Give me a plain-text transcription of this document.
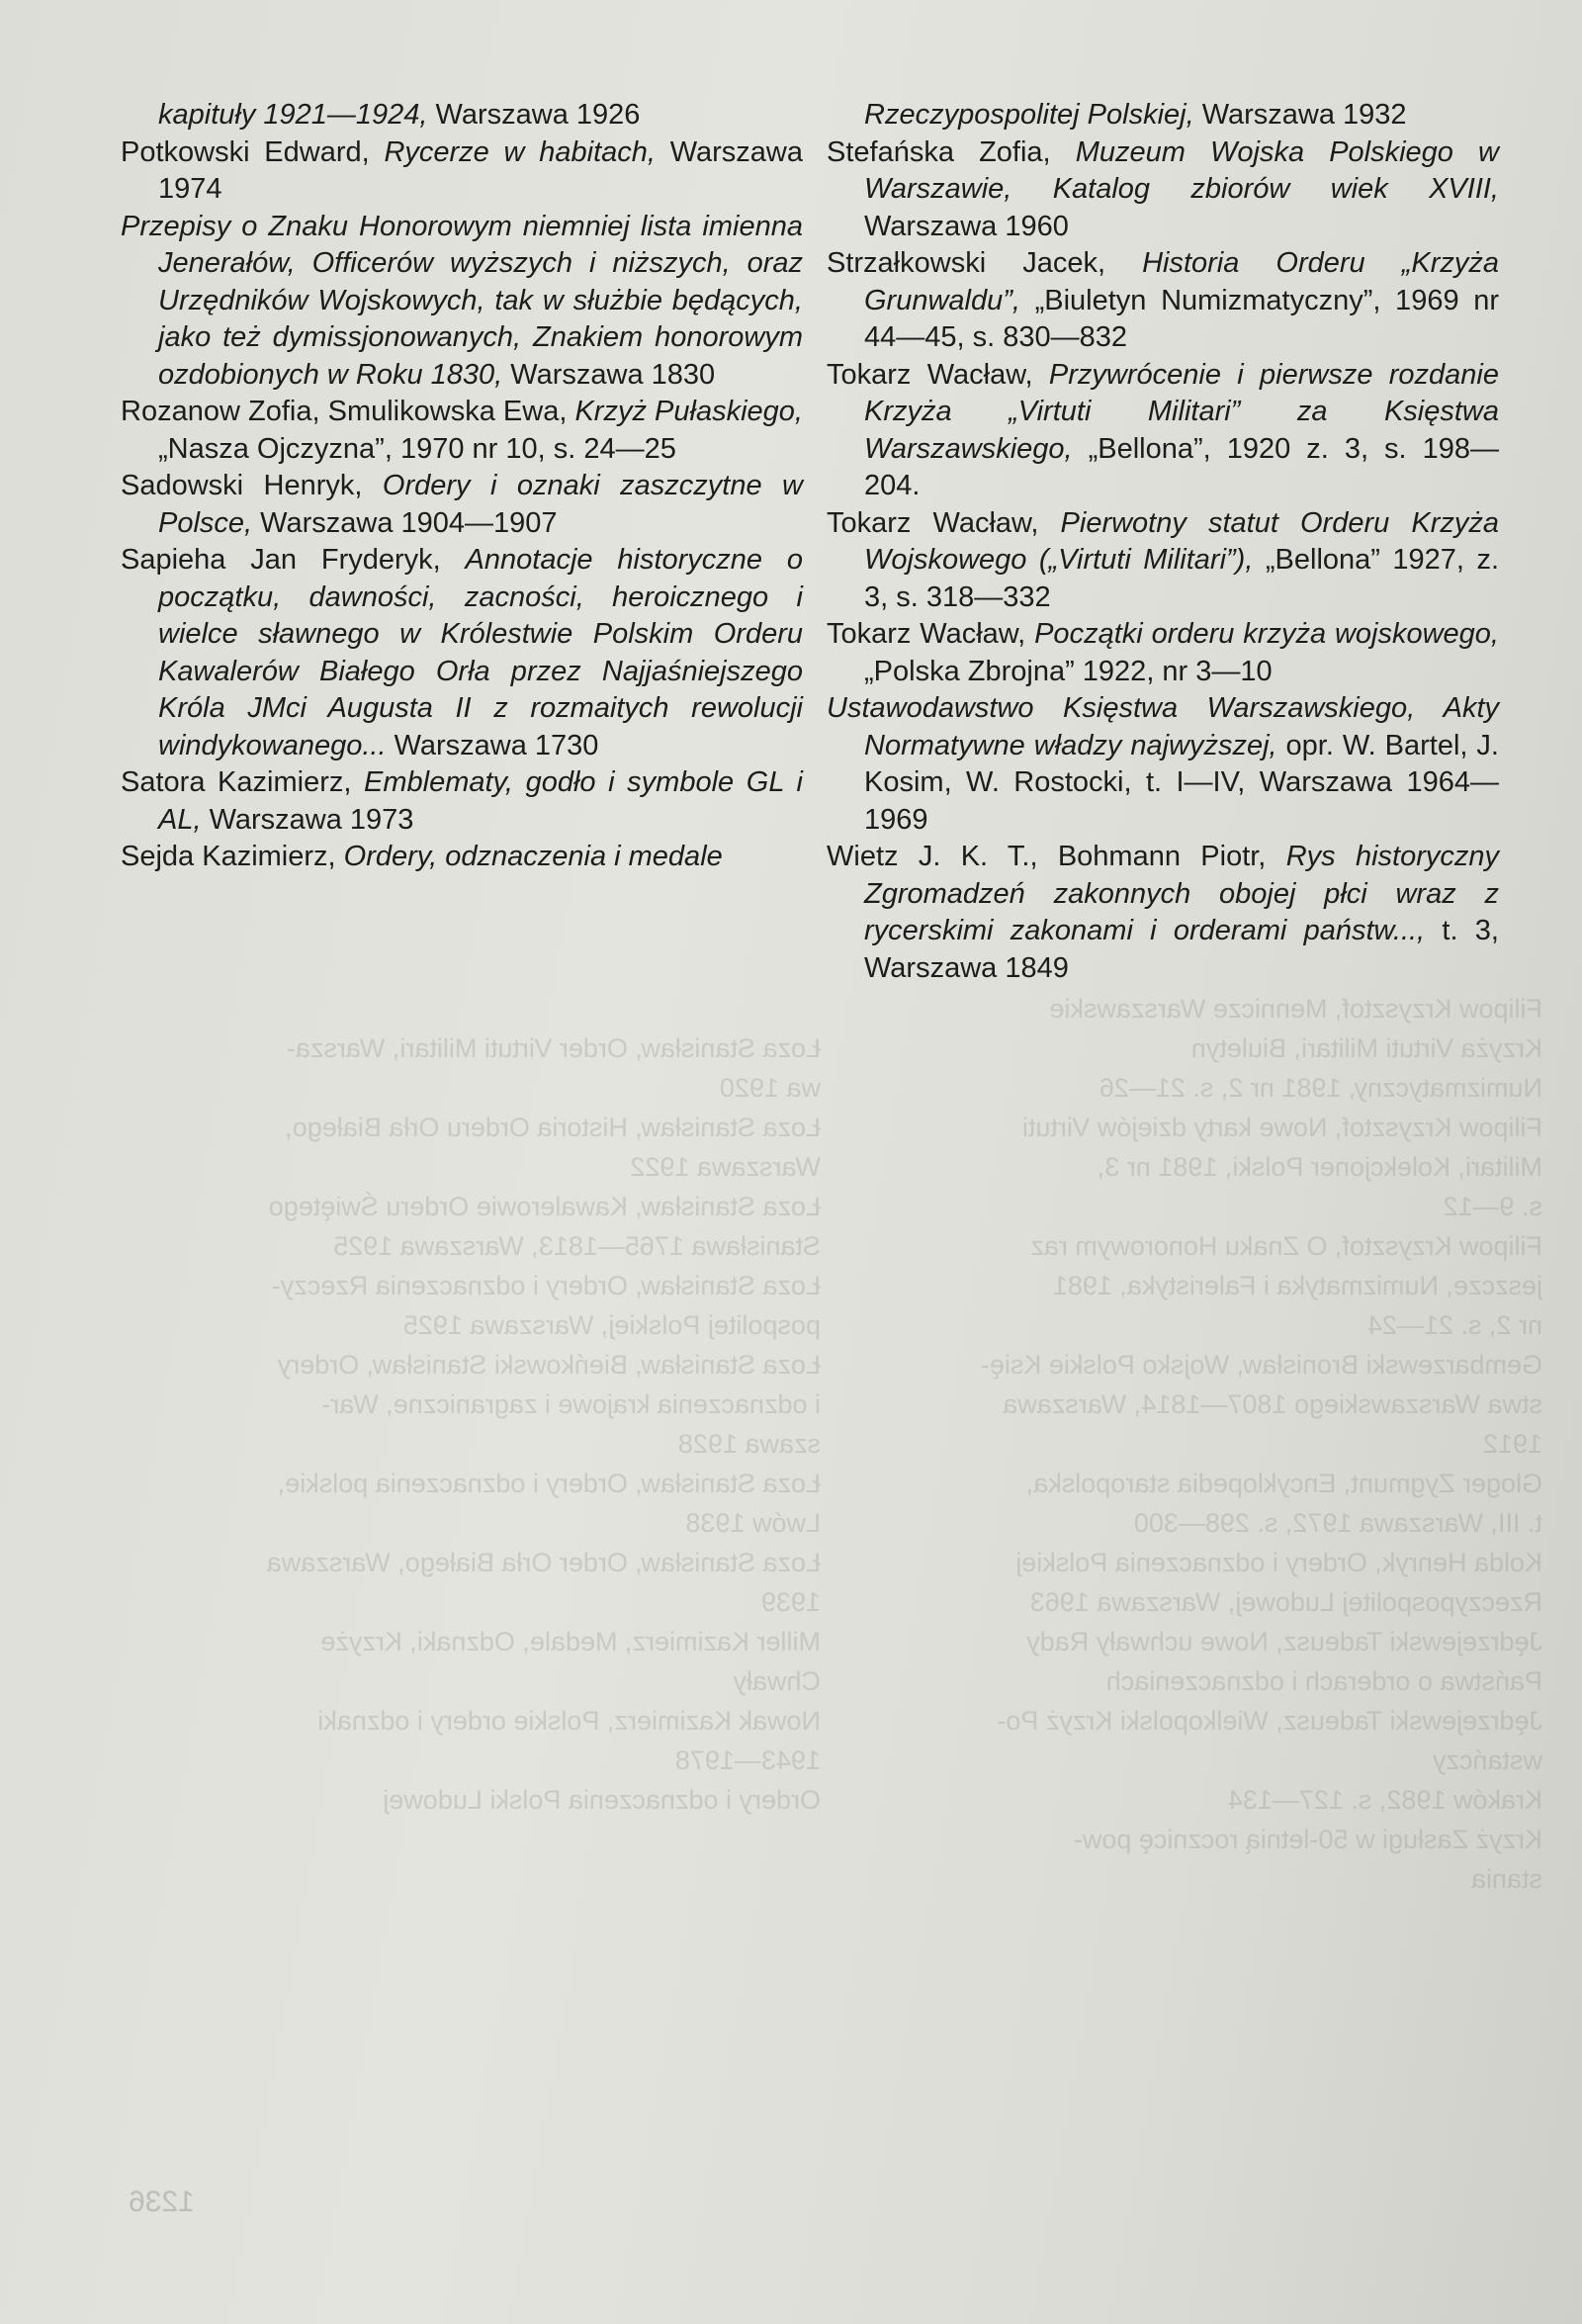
Łoza Stanisław, Order Virtuti Militari, Warsza-
wa 1920
Łoza Stanisław, Historia Orderu Orła Białego,
Warszawa 1922
Łoza Stanisław, Kawalerowie Orderu Świętego
Stanisława 1765—1813, Warszawa 1925
Łoza Stanisław, Ordery i odznaczenia Rzeczy-
pospolitej Polskiej, Warszawa 1925
Łoza Stanisław, Bieńkowski Stanisław, Ordery
i odznaczenia krajowe i zagraniczne, War-
szawa 1928
Łoza Stanisław, Ordery i odznaczenia polskie,
Lwów 1938
Łoza Stanisław, Order Orła Białego, Warszawa
1939
Miller Kazimierz, Medale, Odznaki, Krzyże
Chwały
Nowak Kazimierz, Polskie ordery i odznaki
1943—1978
Ordery i odznaczenia Polski Ludowej
Filipow Krzysztof, Mennicze Warszawskie
Krzyża Virtuti Militari, Biuletyn
Numizmatyczny, 1981 nr 2, s. 21—26
Filipow Krzysztof, Nowe karty dziejów Virtuti
Militari, Kolekcjoner Polski, 1981 nr 3,
s. 9—12
Filipow Krzysztof, O Znaku Honorowym raz
jeszcze, Numizmatyka i Faleristyka, 1981
nr 2, s. 21—24
Gembarzewski Bronisław, Wojsko Polskie Księ-
stwa Warszawskiego 1807—1814, Warszawa
1912
Gloger Zygmunt, Encyklopedia staropolska,
t. III, Warszawa 1972, s. 298—300
Kolda Henryk, Ordery i odznaczenia Polskiej
Rzeczypospolitej Ludowej, Warszawa 1963
Jędrzejewski Tadeusz, Nowe uchwały Rady
Państwa o orderach i odznaczeniach
Jędrzejewski Tadeusz, Wielkopolski Krzyż Po-
wstańczy
Kraków 1982, s. 127—134
Krzyż Zasługi w 50-letnią rocznicę pow-
stania

kapituły 1921—1924, Warszawa 1926

Potkowski Edward, Rycerze w habitach, Warszawa 1974

Przepisy o Znaku Honorowym niemniej lista imienna Jenerałów, Officerów wyższych i niższych, oraz Urzędników Wojskowych, tak w służbie będących, jako też dymissjonowanych, Znakiem honorowym ozdobionych w Roku 1830, Warszawa 1830

Rozanow Zofia, Smulikowska Ewa, Krzyż Pułaskiego, „Nasza Ojczyzna”, 1970 nr 10, s. 24—25

Sadowski Henryk, Ordery i oznaki zaszczytne w Polsce, Warszawa 1904—1907

Sapieha Jan Fryderyk, Annotacje historyczne o początku, dawności, zacności, heroicznego i wielce sławnego w Królestwie Polskim Orderu Kawalerów Białego Orła przez Najjaśniejszego Króla JMci Augusta II z rozmaitych rewolucji windykowanego... Warszawa 1730

Satora Kazimierz, Emblematy, godło i symbole GL i AL, Warszawa 1973

Sejda Kazimierz, Ordery, odznaczenia i medale

Rzeczypospolitej Polskiej, Warszawa 1932

Stefańska Zofia, Muzeum Wojska Polskiego w Warszawie, Katalog zbiorów wiek XVIII, Warszawa 1960

Strzałkowski Jacek, Historia Orderu „Krzyża Grunwaldu”, „Biuletyn Numizmatyczny”, 1969 nr 44—45, s. 830—832

Tokarz Wacław, Przywrócenie i pierwsze rozdanie Krzyża „Virtuti Militari” za Księstwa Warszawskiego, „Bellona”, 1920 z. 3, s. 198—204.

Tokarz Wacław, Pierwotny statut Orderu Krzyża Wojskowego („Virtuti Militari”), „Bellona” 1927, z. 3, s. 318—332

Tokarz Wacław, Początki orderu krzyża wojskowego, „Polska Zbrojna” 1922, nr 3—10

Ustawodawstwo Księstwa Warszawskiego, Akty Normatywne władzy najwyższej, opr. W. Bartel, J. Kosim, W. Rostocki, t. I—IV, Warszawa 1964—1969

Wietz J. K. T., Bohmann Piotr, Rys historyczny Zgromadzeń zakonnych obojej płci wraz z rycerskimi zakonami i orderami państw..., t. 3, Warszawa 1849

1236
